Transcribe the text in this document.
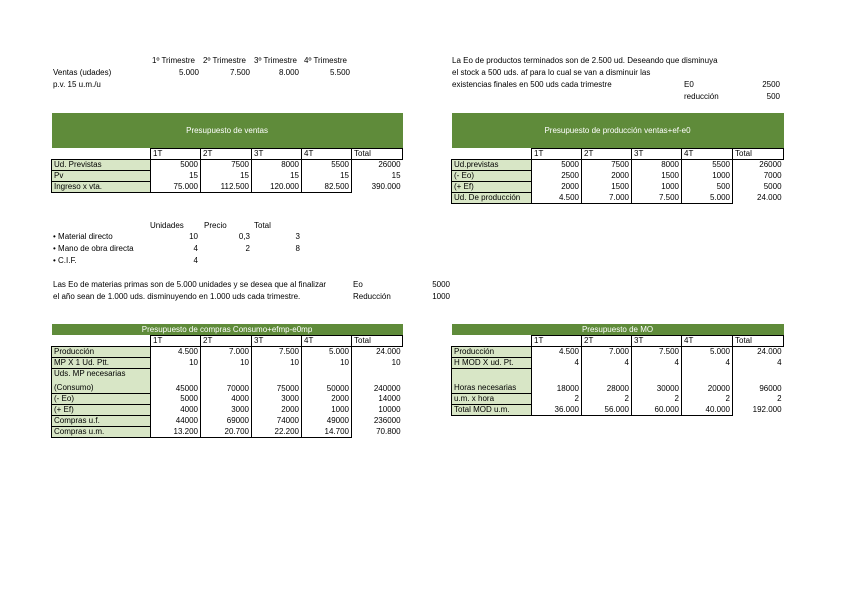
1º Trimestre 2º Trimestre 3º Trimestre 4º Trimestre
Ventas (udades)	5.000	7.500	8.000	5.500
p.v. 15 u.m./u
La Eo de productos terminados son de 2.500 ud. Deseando que disminuya
el stock a 500 uds. af para lo cual se van a disminuir las
existencias finales en 500 uds cada trimestre	E0	2500
reducción	500
Presupuesto de ventas					
	1T	2T	3T	4T	Total
Ud. Previstas	5000	7500	8000	5500	26000
Pv	15	15	15	15	15
Ingreso x vta.	75.000	112.500	120.000	82.500	390.000
Presupuesto de producción ventas+ef-e0					
	1T	2T	3T	4T	Total
Ud.previstas	5000	7500	8000	5500	26000
(- Eo)	2500	2000	1500	1000	7000
(+ Ef)	2000	1500	1000	500	5000
Ud. De producción	4.500	7.000	7.500	5.000	24.000
Unidades	Precio	Total
• Material directo	10	0,3	3
• Mano de obra directa	4	2	8
• C.I.F.	4
Las Eo de materias primas son de 5.000 unidades y se desea que al finalizar
el año sean de 1.000 uds. disminuyendo en 1.000 uds cada trimestre.
Eo	5000
Reducción	1000
Presupuesto de compras Consumo+efmp-e0mp					
	1T	2T	3T	4T	Total
Producción	4.500	7.000	7.500	5.000	24.000
MP X 1 Ud. Ptt.	10	10	10	10	10
Uds. MP necesarias					
(Consumo)	45000	70000	75000	50000	240000
(- Eo)	5000	4000	3000	2000	14000
(+ Ef)	4000	3000	2000	1000	10000
Compras u.f.	44000	69000	74000	49000	236000
Compras u.m.	13.200	20.700	22.200	14.700	70.800
Presupuesto de MO					
	1T	2T	3T	4T	Total
Producción	4.500	7.000	7.500	5.000	24.000
H MOD X ud. Pt.	4	4	4	4	4

Horas necesarias	18000	28000	30000	20000	96000
u.m. x hora	2	2	2	2	2
Total MOD u.m.	36.000	56.000	60.000	40.000	192.000
